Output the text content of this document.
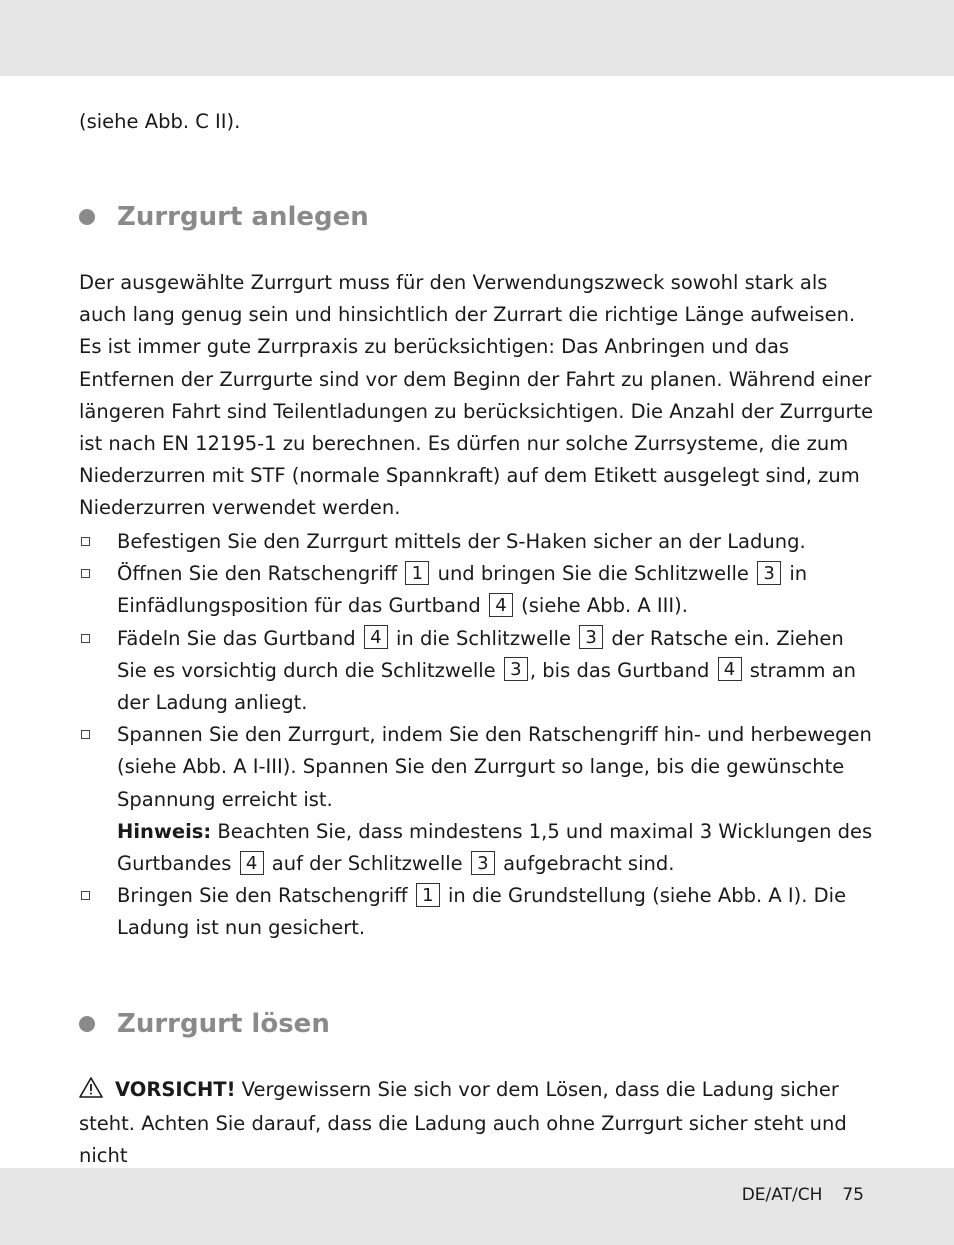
(siehe Abb. C II).
Zurrgurt anlegen
Der ausgewählte Zurrgurt muss für den Verwendungszweck sowohl stark als auch lang genug sein und hinsichtlich der Zurrart die richtige Länge aufweisen. Es ist immer gute Zurrpraxis zu berücksichtigen: Das Anbringen und das Entfernen der Zurrgurte sind vor dem Beginn der Fahrt zu planen. Während einer längeren Fahrt sind Teilentladungen zu berücksichtigen. Die Anzahl der Zurrgurte ist nach EN 12195-1 zu berechnen. Es dürfen nur solche Zurrsysteme, die zum Niederzurren mit STF (normale Spannkraft) auf dem Etikett ausgelegt sind, zum Niederzurren verwendet werden.
Befestigen Sie den Zurrgurt mittels der S-Haken sicher an der Ladung.
Öffnen Sie den Ratschengriff 1 und bringen Sie die Schlitzwelle 3 in Einfädlungsposition für das Gurtband 4 (siehe Abb. A III).
Fädeln Sie das Gurtband 4 in die Schlitzwelle 3 der Ratsche ein. Ziehen Sie es vorsichtig durch die Schlitzwelle 3 , bis das Gurtband 4 stramm an der Ladung anliegt.
Spannen Sie den Zurrgurt, indem Sie den Ratschengriff hin- und herbewegen (siehe Abb. A I-III). Spannen Sie den Zurrgurt so lange, bis die gewünschte Spannung erreicht ist.
Hinweis: Beachten Sie, dass mindestens 1,5 und maximal 3 Wicklungen des Gurtbandes 4 auf der Schlitzwelle 3 aufgebracht sind.
Bringen Sie den Ratschengriff 1 in die Grundstellung (siehe Abb. A I). Die Ladung ist nun gesichert.
Zurrgurt lösen
VORSICHT! Vergewissern Sie sich vor dem Lösen, dass die Ladung sicher steht. Achten Sie darauf, dass die Ladung auch ohne Zurrgurt sicher steht und nicht
DE/AT/CH 75
